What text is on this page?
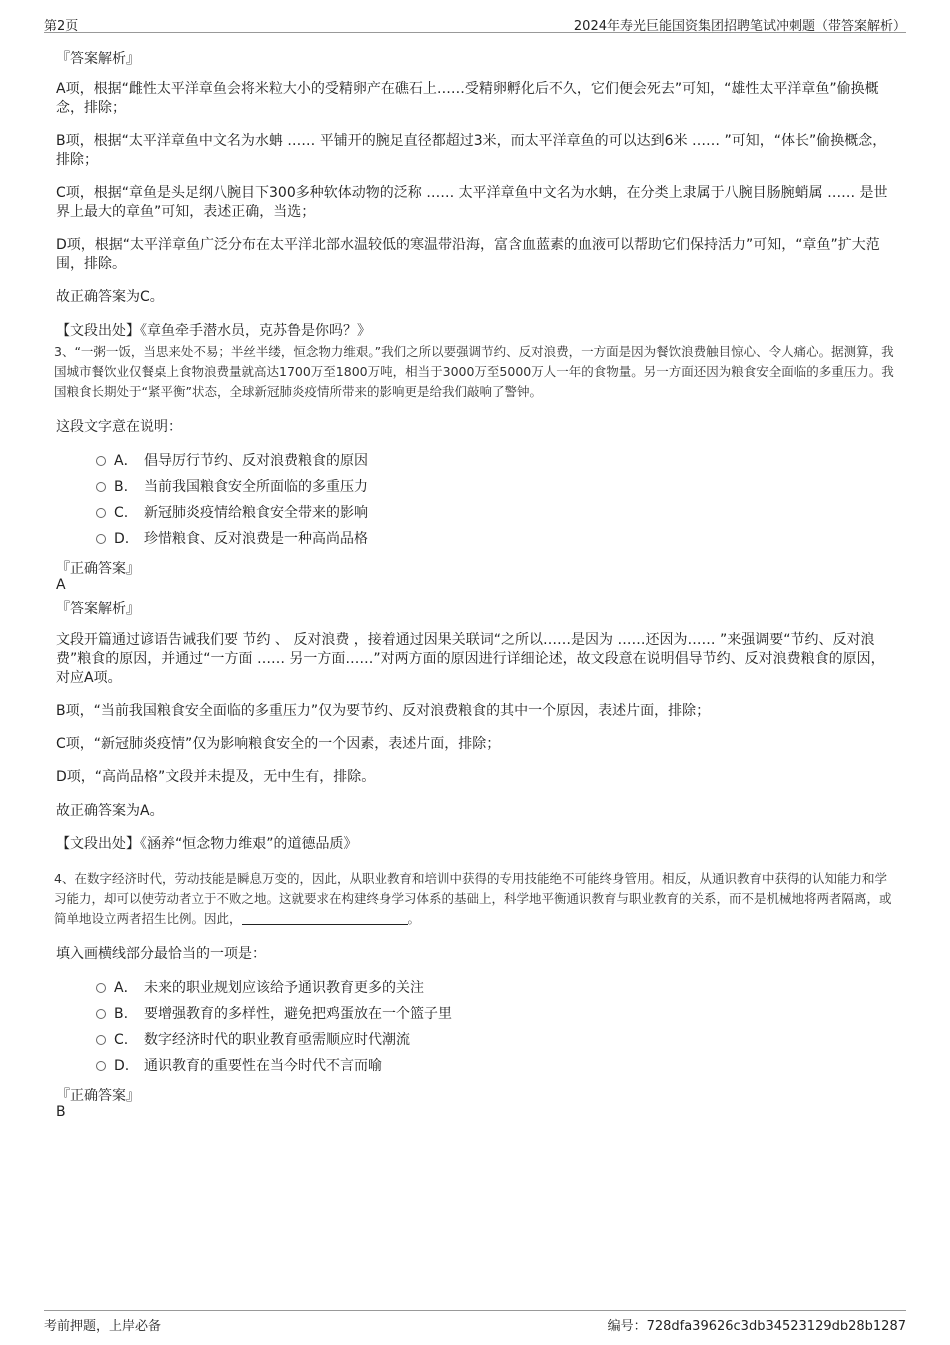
第2页	2024年寿光巨能国资集团招聘笔试冲刺题（带答案解析）
『答案解析』
A项，根据“雌性太平洋章鱼会将米粒大小的受精卵产在礁石上……受精卵孵化后不久，它们便会死去”可知，“雄性太平洋章鱼”偷换概念，排除；
B项，根据“太平洋章鱼中文名为水蚺 …… 平铺开的腕足直径都超过3米，而太平洋章鱼的可以达到6米 …… ”可知，“体长”偷换概念，排除；
C项，根据“章鱼是头足纲八腕目下300多种软体动物的泛称 …… 太平洋章鱼中文名为水蚺，在分类上隶属于八腕目肠腕蛸属 …… 是世界上最大的章鱼”可知，表述正确，当选；
D项，根据“太平洋章鱼广泛分布在太平洋北部水温较低的寒温带沿海，富含血蓝素的血液可以帮助它们保持活力”可知，“章鱼”扩大范围，排除。
故正确答案为C。
【文段出处】《章鱼牵手潜水员，克苏鲁是你吗？》
3、“一粥一饭，当思来处不易；半丝半缕，恒念物力维艰。”我们之所以要强调节约、反对浪费，一方面是因为餐饮浪费触目惊心、令人痛心。据测算，我国城市餐饮业仅餐桌上食物浪费量就高达1700万至1800万吨，相当于3000万至5000万人一年的食物量。另一方面还因为粮食安全面临的多重压力。我国粮食长期处于“紧平衡”状态，全球新冠肺炎疫情所带来的影响更是给我们敲响了警钟。
这段文字意在说明：
A． 倡导厉行节约、反对浪费粮食的原因
B. 当前我国粮食安全所面临的多重压力
C. 新冠肺炎疫情给粮食安全带来的影响
D. 珍惜粮食、反对浪费是一种高尚品格
『正确答案』
A
『答案解析』
文段开篇通过谚语告诫我们要 节约 、 反对浪费 ，接着通过因果关联词“之所以……是因为 ……还因为…… ”来强调要“节约、反对浪费”粮食的原因，并通过“一方面 …… 另一方面……”对两方面的原因进行详细论述，故文段意在说明倡导节约、反对浪费粮食的原因，对应A项。
B项，“当前我国粮食安全面临的多重压力”仅为要节约、反对浪费粮食的其中一个原因，表述片面，排除；
C项，“新冠肺炎疫情”仅为影响粮食安全的一个因素，表述片面，排除；
D项，“高尚品格”文段并未提及，无中生有，排除。
故正确答案为A。
【文段出处】《涵养“恒念物力维艰”的道德品质》
4、在数字经济时代，劳动技能是瞬息万变的，因此，从职业教育和培训中获得的专用技能绝不可能终身管用。相反，从通识教育中获得的认知能力和学习能力，却可以使劳动者立于不败之地。这就要求在构建终身学习体系的基础上，科学地平衡通识教育与职业教育的关系，而不是机械地将两者隔离，或简单地设立两者招生比例。因此，	。
填入画横线部分最恰当的一项是：
A． 未来的职业规划应该给予通识教育更多的关注
B. 要增强教育的多样性，避免把鸡蛋放在一个篮子里
C. 数字经济时代的职业教育亟需顺应时代潮流
D. 通识教育的重要性在当今时代不言而喻
『正确答案』
B
考前押题，上岸必备	编号：728dfa39626c3db34523129db28b1287
